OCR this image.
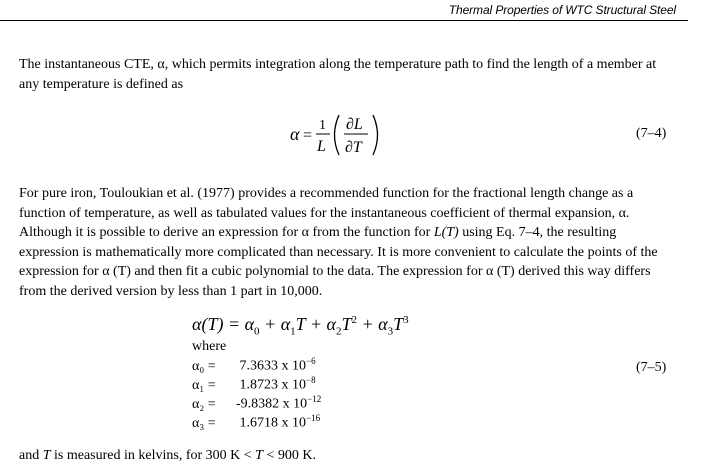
Thermal Properties of WTC Structural Steel

The instantaneous CTE, α, which permits integration along the temperature path to find the length of a member at any temperature is defined as

α =
1
L
∂L
∂T
(7–4)

For pure iron, Touloukian et al. (1977) provides a recommended function for the fractional length change as a function of temperature, as well as tabulated values for the instantaneous coefficient of thermal expansion, α. Although it is possible to derive an expression for α from the function for L(T) using Eq. 7–4, the resulting expression is mathematically more complicated than necessary. It is more convenient to calculate the points of the expression for α (T) and then fit a cubic polynomial to the data. The expression for α (T) derived this way differs from the derived version by less than 1 part in 10,000.

$\alpha(T) = \alpha_0 + \alpha_1T + \alpha_2T^2 + \alpha_3T^3$
where
α₀ = 7.3633 x $10^{-6}$
α₁ = 1.8723 x $10^{-8}$
α₂ = -9.8382 x $10^{-12}$
α₃ = 1.6718 x $10^{-16}$
(7–5)

and T is measured in kelvins, for 300 K < T < 900 K.
